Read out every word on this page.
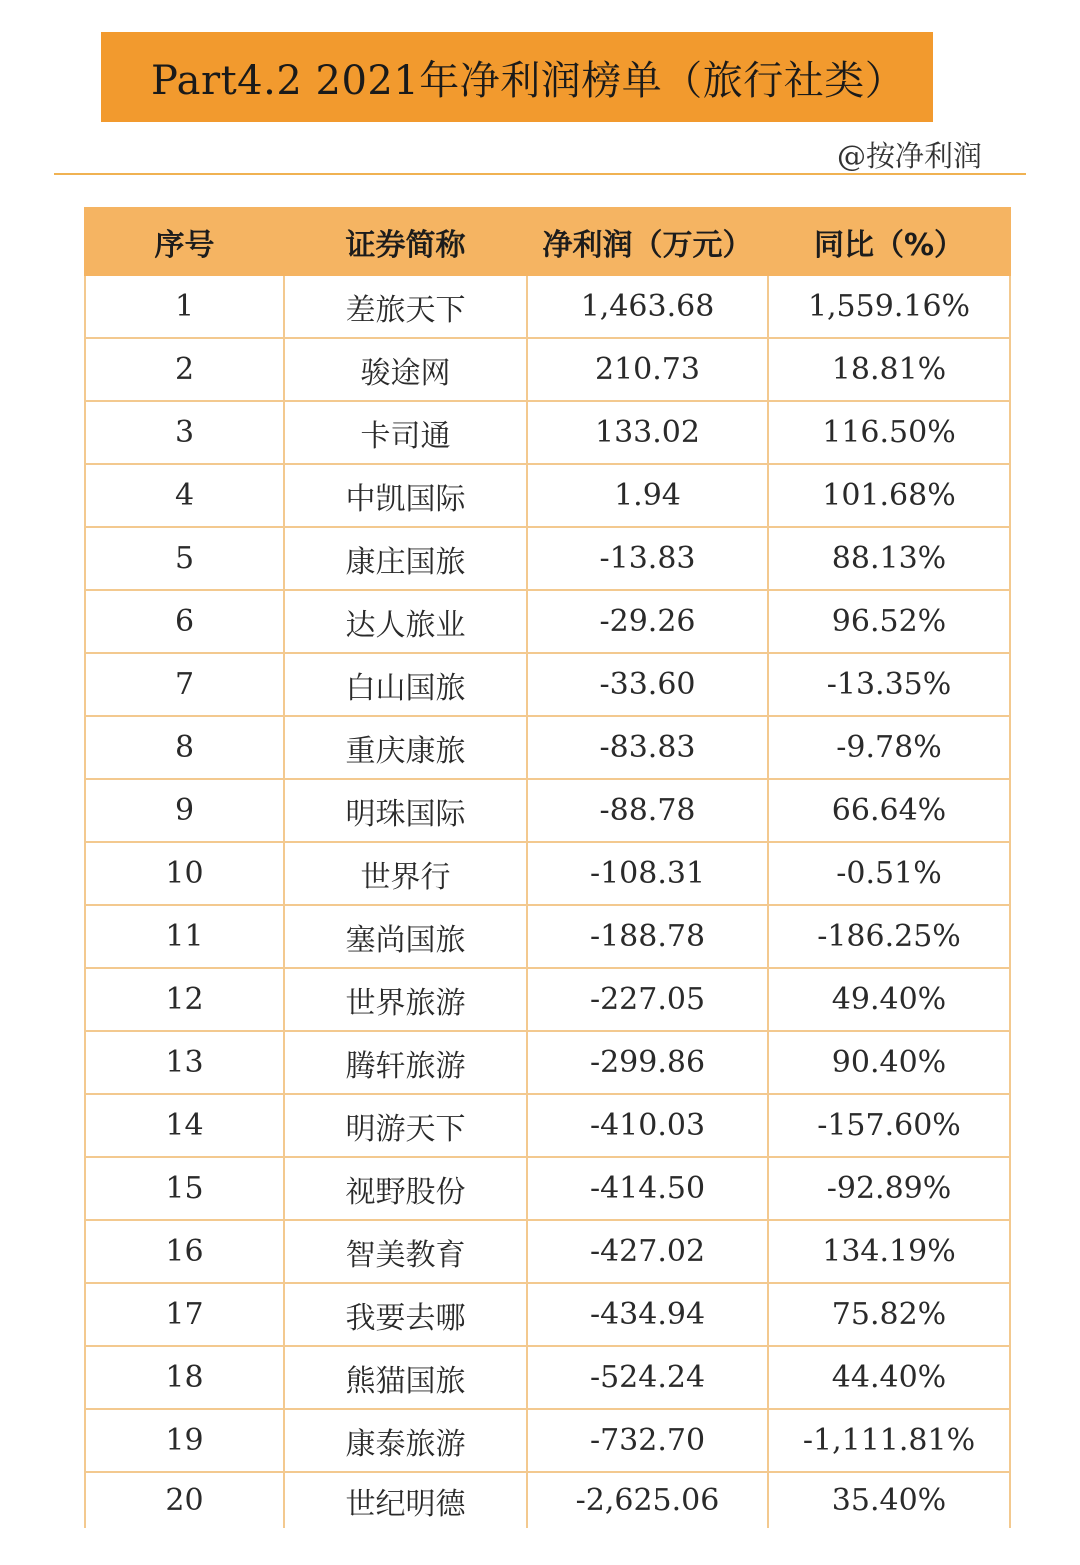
Part4.2 2021年净利润榜单（旅行社类）
@按净利润
序号	证券简称	净利润（万元）	同比（%）
1	差旅天下	1,463.68	1,559.16%
2	骏途网	210.73	18.81%
3	卡司通	133.02	116.50%
4	中凯国际	1.94	101.68%
5	康庄国旅	-13.83	88.13%
6	达人旅业	-29.26	96.52%
7	白山国旅	-33.60	-13.35%
8	重庆康旅	-83.83	-9.78%
9	明珠国际	-88.78	66.64%
10	世界行	-108.31	-0.51%
11	塞尚国旅	-188.78	-186.25%
12	世界旅游	-227.05	49.40%
13	腾轩旅游	-299.86	90.40%
14	明游天下	-410.03	-157.60%
15	视野股份	-414.50	-92.89%
16	智美教育	-427.02	134.19%
17	我要去哪	-434.94	75.82%
18	熊猫国旅	-524.24	44.40%
19	康泰旅游	-732.70	-1,111.81%
20	世纪明德	-2,625.06	35.40%
